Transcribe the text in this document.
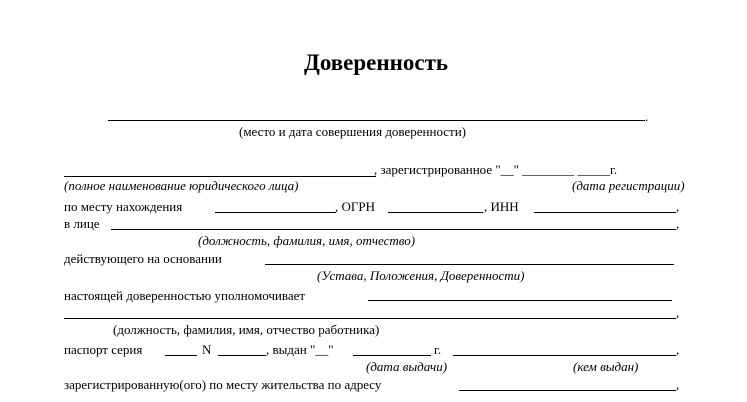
Доверенность
.
(место и дата совершения доверенности)
, зарегистрированное "__" ________ _____г.
(полное наименование юридического лица)	(дата регистрации)
по месту нахождения	, ОГРН	, ИНН	,
в лице	,
(должность, фамилия, имя, отчество)
действующего на основании
(Устава, Положения, Доверенности)
настоящей доверенностью уполномочивает
,
(должность, фамилия, имя, отчество работника)
паспорт серия	N	, выдан "__"	г.	,
(дата выдачи)	(кем выдан)
зарегистрированную(ого) по месту жительства по адресу	,
